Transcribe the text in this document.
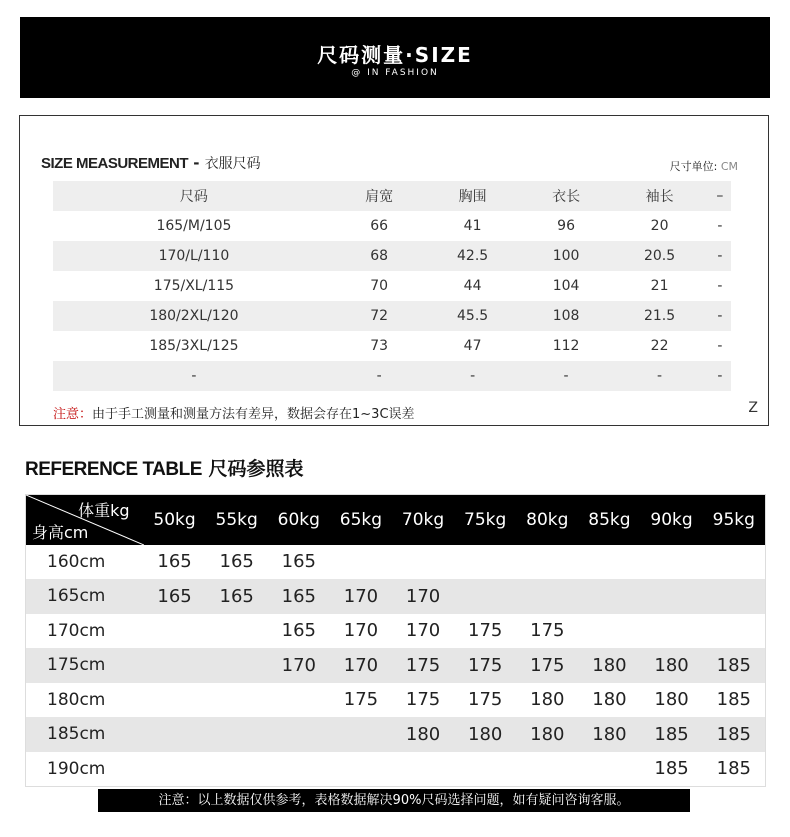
尺码测量·SIZE
@ IN FASHION
SIZE MEASUREMENT - 衣服尺码	尺寸单位: CM
尺码	肩宽	胸围	衣长	袖长	–
165/M/105	66	41	96	20	-
170/L/110	68	42.5	100	20.5	-
175/XL/115	70	44	104	21	-
180/2XL/120	72	45.5	108	21.5	-
185/3XL/125	73	47	112	22	-
-	-	-	-	-	-
注意：由于手工测量和测量方法有差异，数据会存在1~3C误差	Z
REFERENCE TABLE 尺码参照表
体重kg
身高cm	50kg	55kg	60kg	65kg	70kg	75kg	80kg	85kg	90kg	95kg
160cm	165	165	165							
165cm	165	165	165	170	170					
170cm			165	170	170	175	175			
175cm			170	170	175	175	175	180	180	185
180cm				175	175	175	180	180	180	185
185cm					180	180	180	180	185	185
190cm									185	185
注意：以上数据仅供参考，表格数据解决90%尺码选择问题，如有疑问咨询客服。
